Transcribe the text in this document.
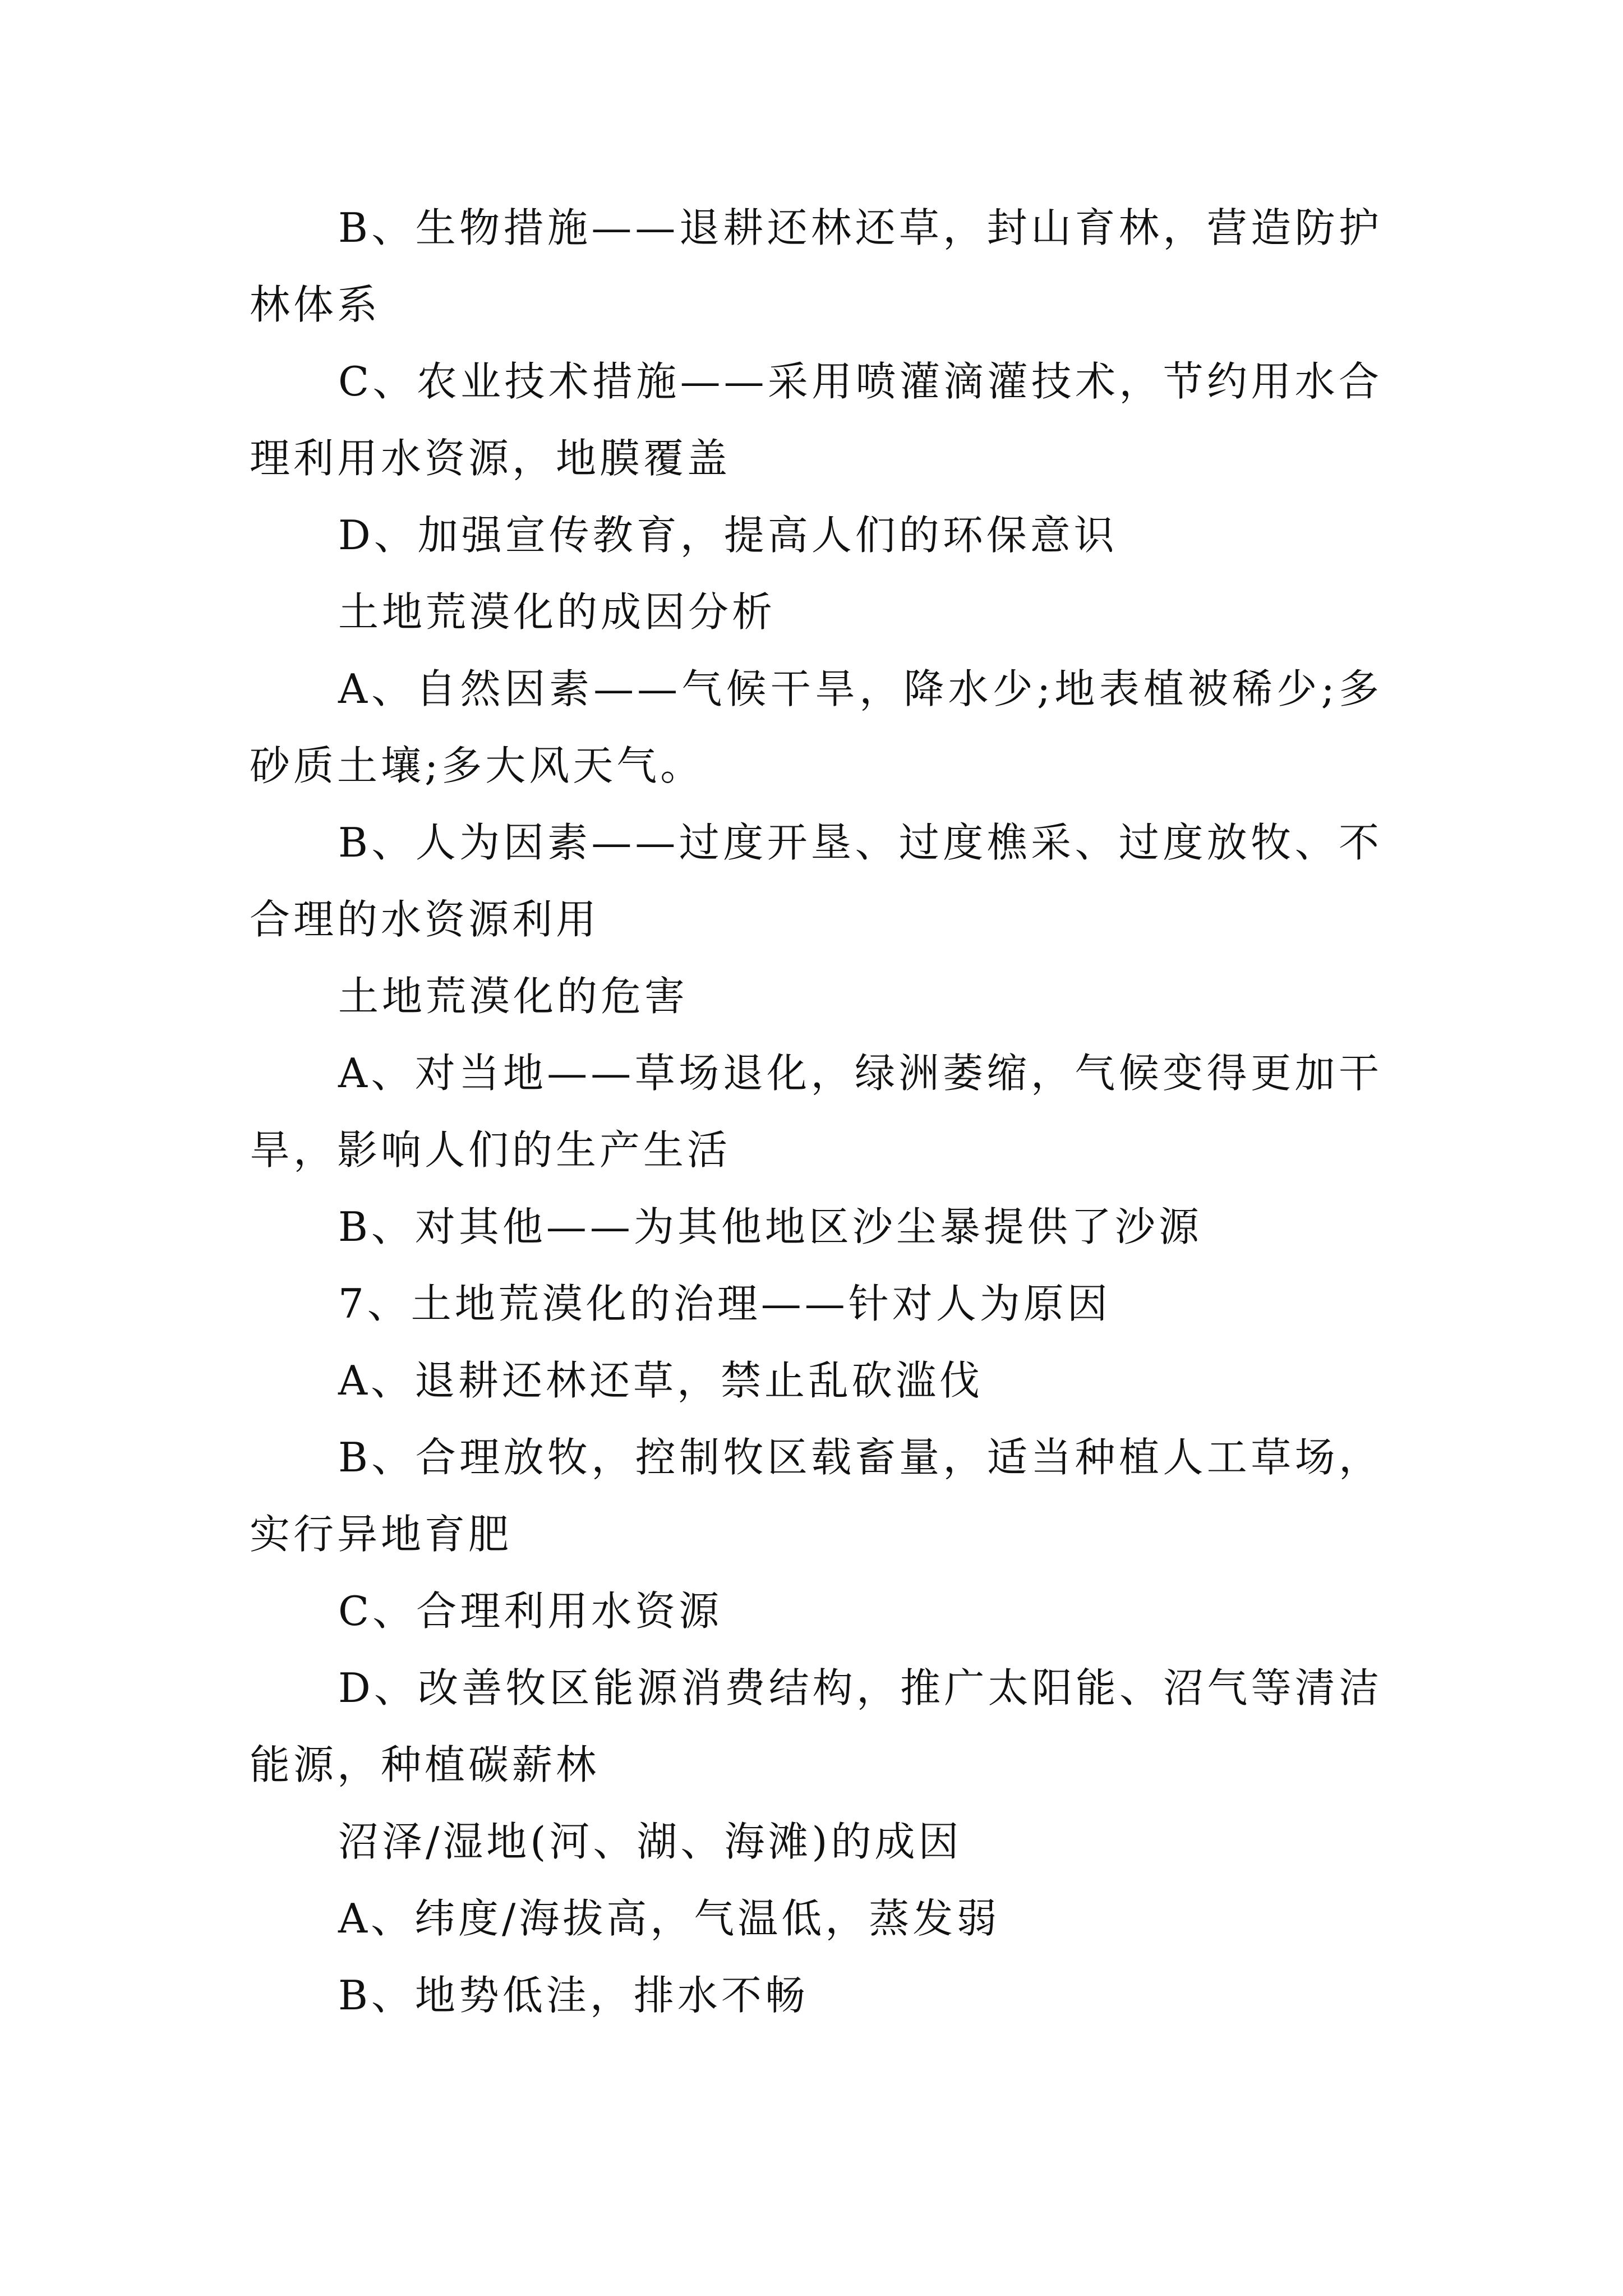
B、生物措施——退耕还林还草，封山育林，营造防护林体系

C、农业技术措施——采用喷灌滴灌技术，节约用水合理利用水资源，地膜覆盖

D、加强宣传教育，提高人们的环保意识

土地荒漠化的成因分析

A、自然因素——气候干旱，降水少;地表植被稀少;多砂质土壤;多大风天气。

B、人为因素——过度开垦、过度樵采、过度放牧、不合理的水资源利用

土地荒漠化的危害

A、对当地——草场退化，绿洲萎缩，气候变得更加干旱，影响人们的生产生活

B、对其他——为其他地区沙尘暴提供了沙源

7、土地荒漠化的治理——针对人为原因

A、退耕还林还草，禁止乱砍滥伐

B、合理放牧，控制牧区载畜量，适当种植人工草场，实行异地育肥

C、合理利用水资源

D、改善牧区能源消费结构，推广太阳能、沼气等清洁能源，种植碳薪林

沼泽/湿地(河、湖、海滩)的成因

A、纬度/海拔高，气温低，蒸发弱

B、地势低洼，排水不畅
